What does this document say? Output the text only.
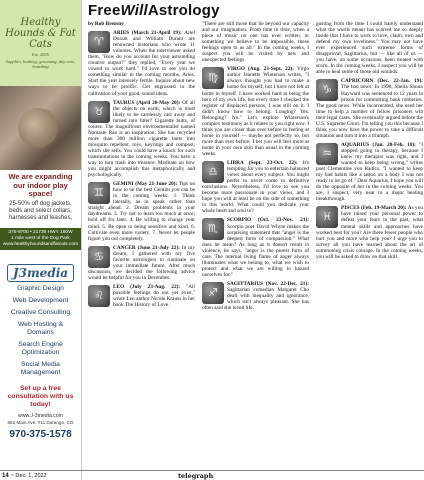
Healthy Hounds & Fat Cats
Est. 2005
Supplies, bathing, grooming, day care, boarding
We are expanding our indoor play space!
25-50% off dog jackets, beds and select collars, harnesses and leashes.
375-9700 • 21738 HWY 160W
1 mile west of the Dog Park
www.healthyhoundsandfatcats.com
J3media
Graphic Design
Web Development
Creative Consulting
Web Hosting & Domains
Search Engine Optimization
Social Media Management
Set up a free consultation with us today!
www.J-3media.com
862 Main Ave. #11 Durango, CO
970-375-1578
FreeWillAstrology
by Rob Brezsny
♈

ARIES (March 21-April 19): Ariel Durant and William Durant are renowned historians who wrote 11 volumes. When the interviewer asked them, "How do you account for your astounding creative output?" they replied, "Every year we vowed to work hard." I'd love to see you do something similar in the coming months, Aries. Start the year intensely fertile. Inquire about new ways to be prolific. Get engrossed in the cultivation of your good, sound ideas.

♉

TAURUS (April 20-May 20): Of all the objects on earth, which is most likely to be carelessly cast away and turned into litter? Cigarette butts, of course. The magnificent environmentalist named Namaste Rao is an inspiration. She has recycled more than 300 million cigarette butts into mosquito repellent, toys, keyrings and compost, which she sells. You could have a knack for such transmutations in the coming weeks. You have a way to turn trash into treasure. Meditate on how you might accomplish this metaphorically and psychologically.

♊

GEMINI (May 21-June 20): Tips on how to be the best Gemini you can be in the coming weeks: 1. Think laterally, as in speak rather than straight ahead. 2. Dream problems in your daydreams. 3. Try not to learn too much at once; hold off for later. 4. Be willing to change your mind. 5. Be open to being sensitive and kind. 6. Cultivate even more variety. 7. Never let people figure you out completely.

♋

CANCER (June 21-July 22): In my dream, I gathered with my five favorite astrologers to ruminate on your immediate future. After much discussion, we decided the following advice would be helpful for you in December.

♌

LEO (July 23-Aug. 22): "All possible feelings do not yet exist," wrote Leo author Nicole Krauss in her book The History of Love.

"There are still those that lie beyond our capacity and our imagination. From time to time, when a piece of music no one has ever written, or something we believe to be impossible, these feelings open to us all." In the coming weeks, I suspect you will be visited by new and unexpected feelings.

♍

VIRGO (Aug. 23-Sept. 22): Virgo author Jeanette Winterson writes, "I always thought you had to make a home for myself, but I have not felt at home in myself. I have worked hard at being the hero of my own life, but every time I checked the register of displaced persons, I was still on it. I didn't know how to belong. Longing? Yes. Belonging? No." Let's explore Winterson's complex testimony as it relates to you right now. I think you are closer than ever before to feeling at home in yourself — maybe not perfectly so, but more than ever before. I bet you will feel more at home in your own skin than usual in the coming weeks.

♎

LIBRA (Sept. 23-Oct. 22): It's tempting for you to entertain balanced views about every subject. You might prefer to never come to definitive conclusions. Nevertheless, I'd love to see you become more passionate in your views, and I hope you will at least be on the side of something in this world. What could you dedicate your whole heart and soul to?

♏

SCORPIO (Oct. 23-Nov. 21): Scorpio poet David Whyte makes the surprising statement that "anger is the deepest form of compassion." What does he mean? As long as it doesn't result in violence, he says, "anger is the purest form of care. The internal living flame of anger always illuminates what we belong to, what we wish to protect and what we are willing to hazard ourselves for."

♐

SAGITTARIUS (Nov. 22-Dec. 21): Sagittarian comedian Margaret Cho dealt with inequality and ignorance, which isn't always pleasant. She has often said she loved life.

gusting from the time I could barely understand what the words meant has scarred me so deeply inside that I have to work to love, claim, own and defend my own loveliness." You may not have ever experienced such extreme forms of disapproval, Sagittarius, but — like all of us — you have, on some occasions, been treated with scorn. In the coming weeks, I suspect you will be able to heal some of those old wounds.

♑

CAPRICORN (Dec. 22-Jan. 19): The bad news: In 1998, Sheila Shoun Hayward was sentenced to 12 years in prison for committing bank robberies. The good news: While incarcerated, she used her time to help a number of fellow prisoners win their legal cases. She eventually argued before the U.S. Supreme Court. I'm telling you this because I think you now have the power to take a difficult situation and turn it into a triumph.

♒

AQUARIUS (Jan. 20-Feb. 18): "I stopped going to therapy, because I knew my therapist was right, and I wanted to keep being wrong," writes poet Clementine von Radics. "I wanted to keep my bad habits like a tattoo on a body I was not ready to let go of." Dear Aquarius, I hope you will do the opposite of her in the coming weeks. You are, I suspect, very near to a major healing breakthrough.

♓

PISCES (Feb. 19-March 20): As you have raised your personal power to defeat your fears in the past, what mental skills and approaches have worked best for you? Are there fewer people who hurt you and more who help you? I urge you to survey all you have learned about the art of summoning crisis courage. In the coming weeks, you will be asked to draw on that skill.

14 ~ Dec. 1, 2022	telegraph
